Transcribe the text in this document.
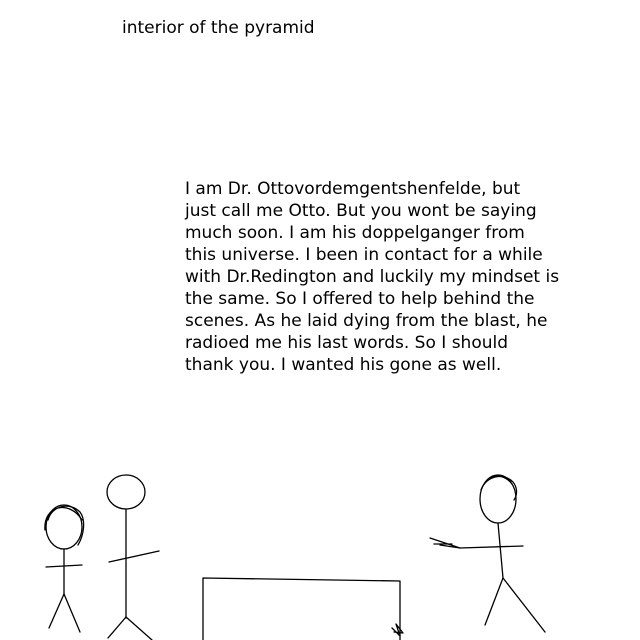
interior of the pyramid
I am Dr. Ottovordemgentshenfelde, but
just call me Otto. But you wont be saying
much soon. I am his doppelganger from
this universe. I been in contact for a while
with Dr.Redington and luckily my mindset is
the same. So I offered to help behind the
scenes. As he laid dying from the blast, he
radioed me his last words. So I should
thank you. I wanted his gone as well.
